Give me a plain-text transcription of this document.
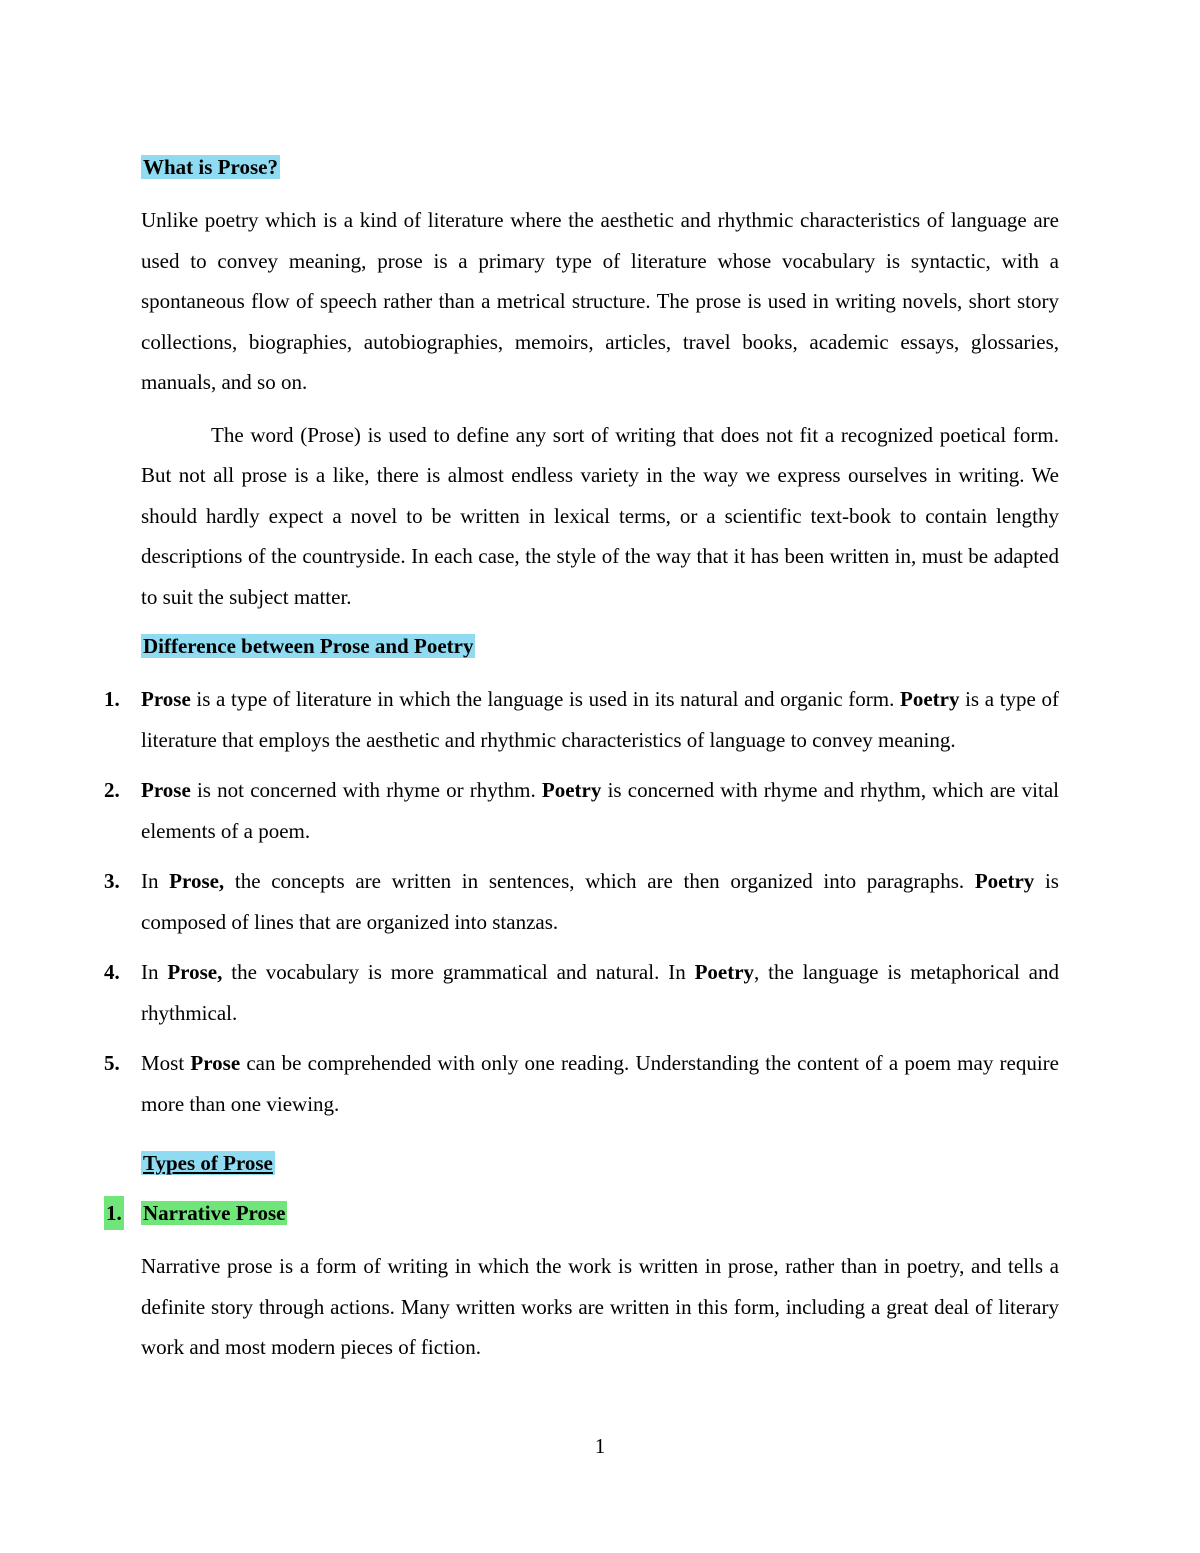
What is Prose?

Unlike poetry which is a kind of literature where the aesthetic and rhythmic characteristics of language are used to convey meaning, prose is a primary type of literature whose vocabulary is syntactic, with a spontaneous flow of speech rather than a metrical structure. The prose is used in writing novels, short story collections, biographies, autobiographies, memoirs, articles, travel books, academic essays, glossaries, manuals, and so on.

The word (Prose) is used to define any sort of writing that does not fit a recognized poetical form. But not all prose is a like, there is almost endless variety in the way we express ourselves in writing. We should hardly expect a novel to be written in lexical terms, or a scientific text-book to contain lengthy descriptions of the countryside. In each case, the style of the way that it has been written in, must be adapted to suit the subject matter.

Difference between Prose and Poetry
1. Prose is a type of literature in which the language is used in its natural and organic form. Poetry is a type of literature that employs the aesthetic and rhythmic characteristics of language to convey meaning.
2. Prose is not concerned with rhyme or rhythm. Poetry is concerned with rhyme and rhythm, which are vital elements of a poem.
3. In Prose, the concepts are written in sentences, which are then organized into paragraphs. Poetry is composed of lines that are organized into stanzas.
4. In Prose, the vocabulary is more grammatical and natural. In Poetry, the language is metaphorical and rhythmical.
5. Most Prose can be comprehended with only one reading. Understanding the content of a poem may require more than one viewing.
Types of Prose
1. Narrative Prose

Narrative prose is a form of writing in which the work is written in prose, rather than in poetry, and tells a definite story through actions. Many written works are written in this form, including a great deal of literary work and most modern pieces of fiction.

1
